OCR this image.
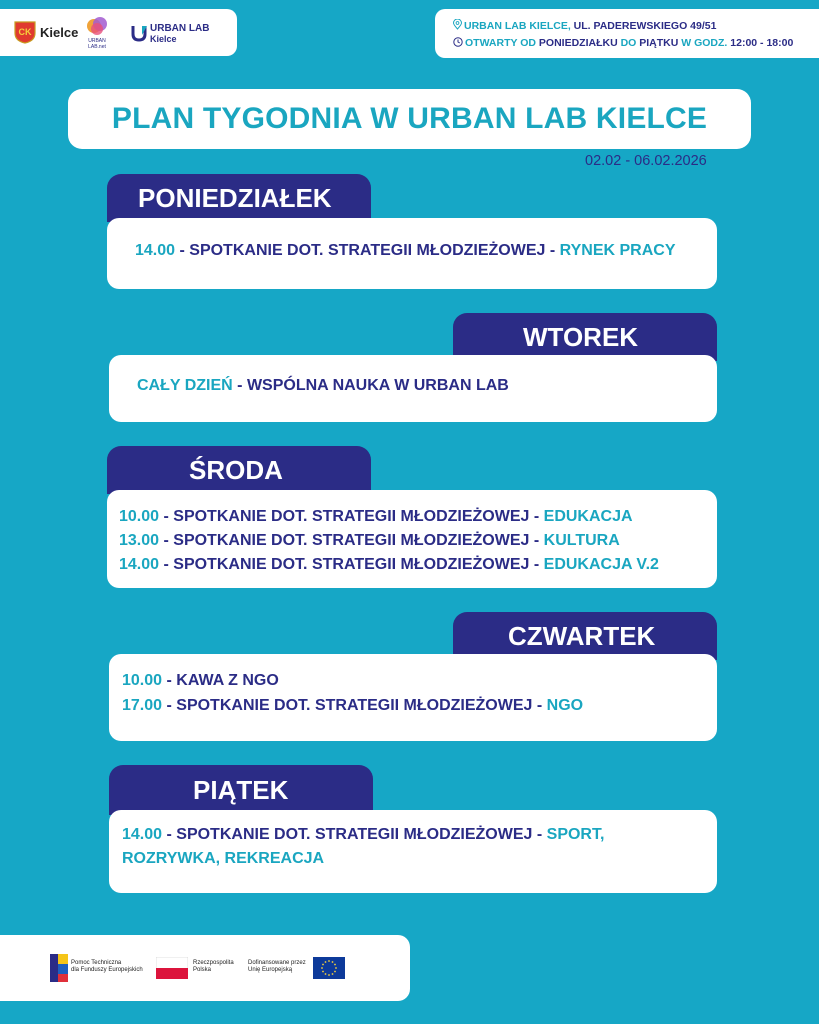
CK Kielce
URBAN LAB.net
URBAN LAB
Kielce
URBAN LAB KIELCE, UL. PADEREWSKIEGO 49/51
OTWARTY OD PONIEDZIAŁKU DO PIĄTKU W GODZ. 12:00 - 18:00
PLAN TYGODNIA W URBAN LAB KIELCE
02.02 - 06.02.2026
PONIEDZIAŁEK
14.00 - SPOTKANIE DOT. STRATEGII MŁODZIEŻOWEJ - RYNEK PRACY
WTOREK
CAŁY DZIEŃ - WSPÓLNA NAUKA W URBAN LAB
ŚRODA
10.00 - SPOTKANIE DOT. STRATEGII MŁODZIEŻOWEJ - EDUKACJA
13.00 - SPOTKANIE DOT. STRATEGII MŁODZIEŻOWEJ - KULTURA
14.00 - SPOTKANIE DOT. STRATEGII MŁODZIEŻOWEJ - EDUKACJA V.2
CZWARTEK
10.00 - KAWA Z NGO
17.00 - SPOTKANIE DOT. STRATEGII MŁODZIEŻOWEJ - NGO
PIĄTEK
14.00 - SPOTKANIE DOT. STRATEGII MŁODZIEŻOWEJ - SPORT,
ROZRYWKA, REKREACJA
Pomoc Techniczna
dla Funduszy Europejskich
Rzeczpospolita
Polska
Dofinansowane przez
Unię Europejską
